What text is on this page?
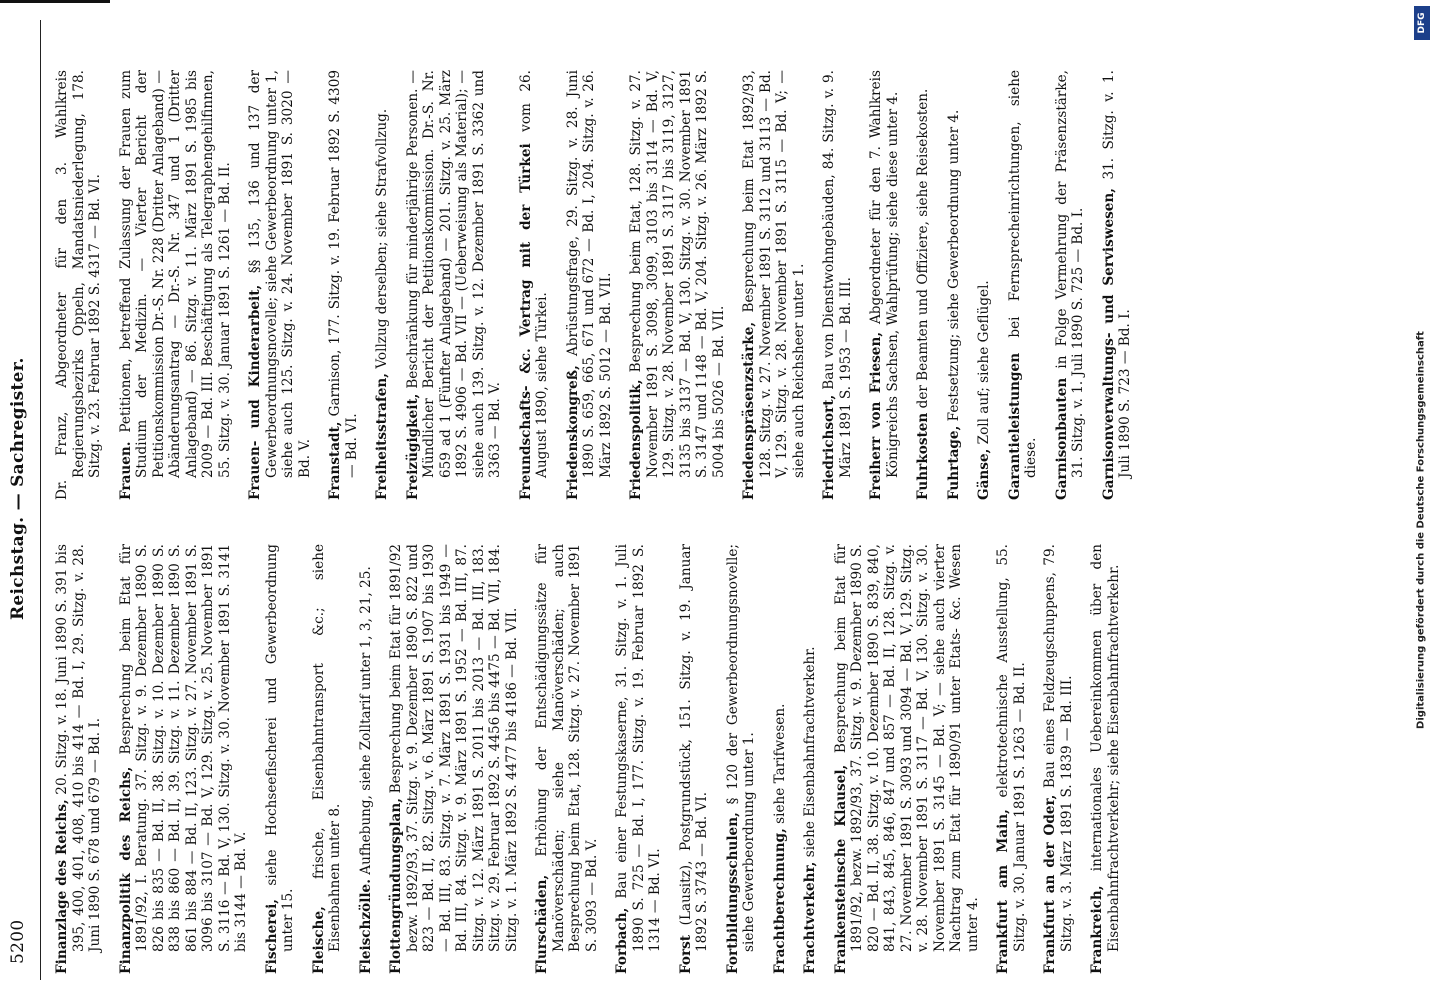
5200
Reichstag. — Sachregister.
Finanzlage des Reichs, 20. Sitzg. v. 18. Juni 1890 S. 391 bis 395, 400, 401, 408, 410 bis 414 — Bd. I, 29. Sitzg. v. 28. Juni 1890 S. 678 und 679 — Bd. I. Finanzpolitik des Reichs, Besprechung beim Etat für 1891/92, I. Beratung. 37. Sitzg. v. 9. Dezember 1890 S. 826 bis 835 — Bd. II, 38. Sitzg. v. 10. Dezember 1890 S. 838 bis 860 — Bd. II, 39. Sitzg. v. 11. Dezember 1890 S. 861 bis 884 — Bd. II, 123. Sitzg. v. 27. November 1891 S. 3096 bis 3107 — Bd. V, 129. Sitzg. v. 25. November 1891 S. 3116 — Bd. V, 130. Sitzg. v. 30. November 1891 S. 3141 bis 3144 — Bd. V. Fischerei, siehe Hochseefischerei und Gewerbeordnung unter 15. Fleische, frische, Eisenbahntransport &c.; siehe Eisenbahnen unter 8. Fleischzölle. Aufhebung, siehe Zolltarif unter 1, 3, 21, 25.
Flottengründungsplan, Besprechung beim Etat für 1891/92 bezw. 1892/93, 37. Sitzg. v. 9. Dezember 1890 S. 822 und 823 — Bd. II, 82. Sitzg. v. 6. März 1891 S. 1907 bis 1930 — Bd. III, 83. Sitzg. v. 7. März 1891 S. 1931 bis 1949 — Bd. III, 84. Sitzg. v. 9. März 1891 S. 1952 — Bd. III, 87. Sitzg. v. 12. März 1891 S. 2011 bis 2013 — Bd. III, 183. Sitzg. v. 29. Februar 1892 S. 4456 bis 4475 — Bd. VII, 184. Sitzg. v. 1. März 1892 S. 4477 bis 4186 — Bd. VII. Flurschäden, Erhöhung der Entschädigungssätze für Manöverschäden; siehe Manöverschäden; auch Besprechung beim Etat, 128. Sitzg. v. 27. November 1891 S. 3093 — Bd. V. Forbach, Bau einer Festungskaserne, 31. Sitzg. v. 1. Juli 1890 S. 725 — Bd. I, 177. Sitzg. v. 19. Februar 1892 S. 1314 — Bd. VI.
Forst (Lausitz), Postgrundstück, 151. Sitzg. v. 19. Januar 1892 S. 3743 — Bd. VI. Fortbildungsschulen, § 120 der Gewerbeordnungsnovelle; siehe Gewerbeordnung unter 1. Frachtberechnung, siehe Tarifwesen.
Frachtverkehr, siehe Eisenbahnfrachtverkehr.
Frankensteinsche Klausel, Besprechung beim Etat für 1891/92, bezw. 1892/93, 37. Sitzg. v. 9. Dezember 1890 S. 820 — Bd. II, 38. Sitzg. v. 10. Dezember 1890 S. 839, 840, 841, 843, 845, 846, 847 und 857 — Bd. II, 128. Sitzg. v. 27. November 1891 S. 3093 und 3094 — Bd. V, 129. Sitzg. v. 28. November 1891 S. 3117 — Bd. V, 130. Sitzg. v. 30. November 1891 S. 3145 — Bd. V; — siehe auch vierter Nachtrag zum Etat für 1890/91 unter Etats- &c. Wesen unter 4. Frankfurt am Main, elektrotechnische Ausstellung, 55. Sitzg. v. 30. Januar 1891 S. 1263 — Bd. II. Frankfurt an der Oder, Bau eines Feldzeugschuppens, 79. Sitzg. v. 3. März 1891 S. 1839 — Bd. III. Frankreich, internationales Uebereinkommen über den Eisenbahnfrachtverkehr; siehe Eisenbahnfrachtverkehr.
Dr. Franz, Abgeordneter für den 3. Wahlkreis Regierungsbezirks Oppeln, Mandatsniederlegung, 178. Sitzg. v. 23. Februar 1892 S. 4317 — Bd. VI. Frauen. Petitionen, betreffend Zulassung der Frauen zum Studium der Medizin. — Vierter Bericht der Petitionskommission Dr.-S. Nr. 228 (Dritter Anlageband) — Abänderungsantrag — Dr.-S. Nr. 347 und 1 (Dritter Anlageband) — 86. Sitzg. v. 11. März 1891 S. 1985 bis 2009 — Bd. III. Beschäftigung als Telegraphengehilfinnen, 55. Sitzg. v. 30. Januar 1891 S. 1261 — Bd. II. Frauen- und Kinderarbeit, §§ 135, 136 und 137 der Gewerbeordnungsnovelle; siehe Gewerbeordnung unter 1, siehe auch 125. Sitzg. v. 24. November 1891 S. 3020 — Bd. V. Franstadt, Garnison, 177. Sitzg. v. 19. Februar 1892 S. 4309 — Bd. VI. Freiheitsstrafen, Vollzug derselben; siehe Strafvollzug.
Freizügigkeit, Beschränkung für minderjährige Personen. — Mündlicher Bericht der Petitionskommission. Dr.-S. Nr. 659 ad 1 (Fünfter Anlageband) — 201. Sitzg. v. 25. März 1892 S. 4906 — Bd. VII — (Ueberweisung als Material); — siehe auch 139. Sitzg. v. 12. Dezember 1891 S. 3362 und 3363 — Bd. V. Freundschafts- &c. Vertrag mit der Türkei vom 26. August 1890, siehe Türkei. Friedenskongreß, Abrüstungsfrage, 29. Sitzg. v. 28. Juni 1890 S. 659, 665, 671 und 672 — Bd. I, 204. Sitzg. v. 26. März 1892 S. 5012 — Bd. VII. Friedenspolitik, Besprechung beim Etat, 128. Sitzg. v. 27. November 1891 S. 3098, 3099, 3103 bis 3114 — Bd. V, 129. Sitzg. v. 28. November 1891 S. 3117 bis 3119, 3127, 3135 bis 3137 — Bd. V, 130. Sitzg. v. 30. November 1891 S. 3147 und 1148 — Bd. V, 204. Sitzg. v. 26. März 1892 S. 5004 bis 5026 — Bd. VII. Friedenspräsenzstärke, Besprechung beim Etat 1892/93, 128. Sitzg. v. 27. November 1891 S. 3112 und 3113 — Bd. V, 129. Sitzg. v. 28. November 1891 S. 3115 — Bd. V; — siehe auch Reichsheer unter 1. Friedrichsort, Bau von Dienstwohngebäuden, 84. Sitzg. v. 9. März 1891 S. 1953 — Bd. III. Freiherr von Friesen, Abgeordneter für den 7. Wahlkreis Königreichs Sachsen, Wahlprüfung; siehe diese unter 4. Fuhrkosten der Beamten und Offiziere, siehe Reisekosten.
Fuhrtage, Festsetzung; siehe Gewerbeordnung unter 4.
Gänse, Zoll auf; siehe Geflügel. Garantieleistungen bei Fernsprecheinrichtungen, siehe diese. Garnisonbauten in Folge Vermehrung der Präsenzstärke, 31. Sitzg. v. 1. Juli 1890 S. 725 — Bd. I. Garnisonverwaltungs- und Serviswesen, 31. Sitzg. v. 1. Juli 1890 S. 723 — Bd. I.	Digitalisierung gefördert durch die Deutsche Forschungsgemeinschaft
DFG
